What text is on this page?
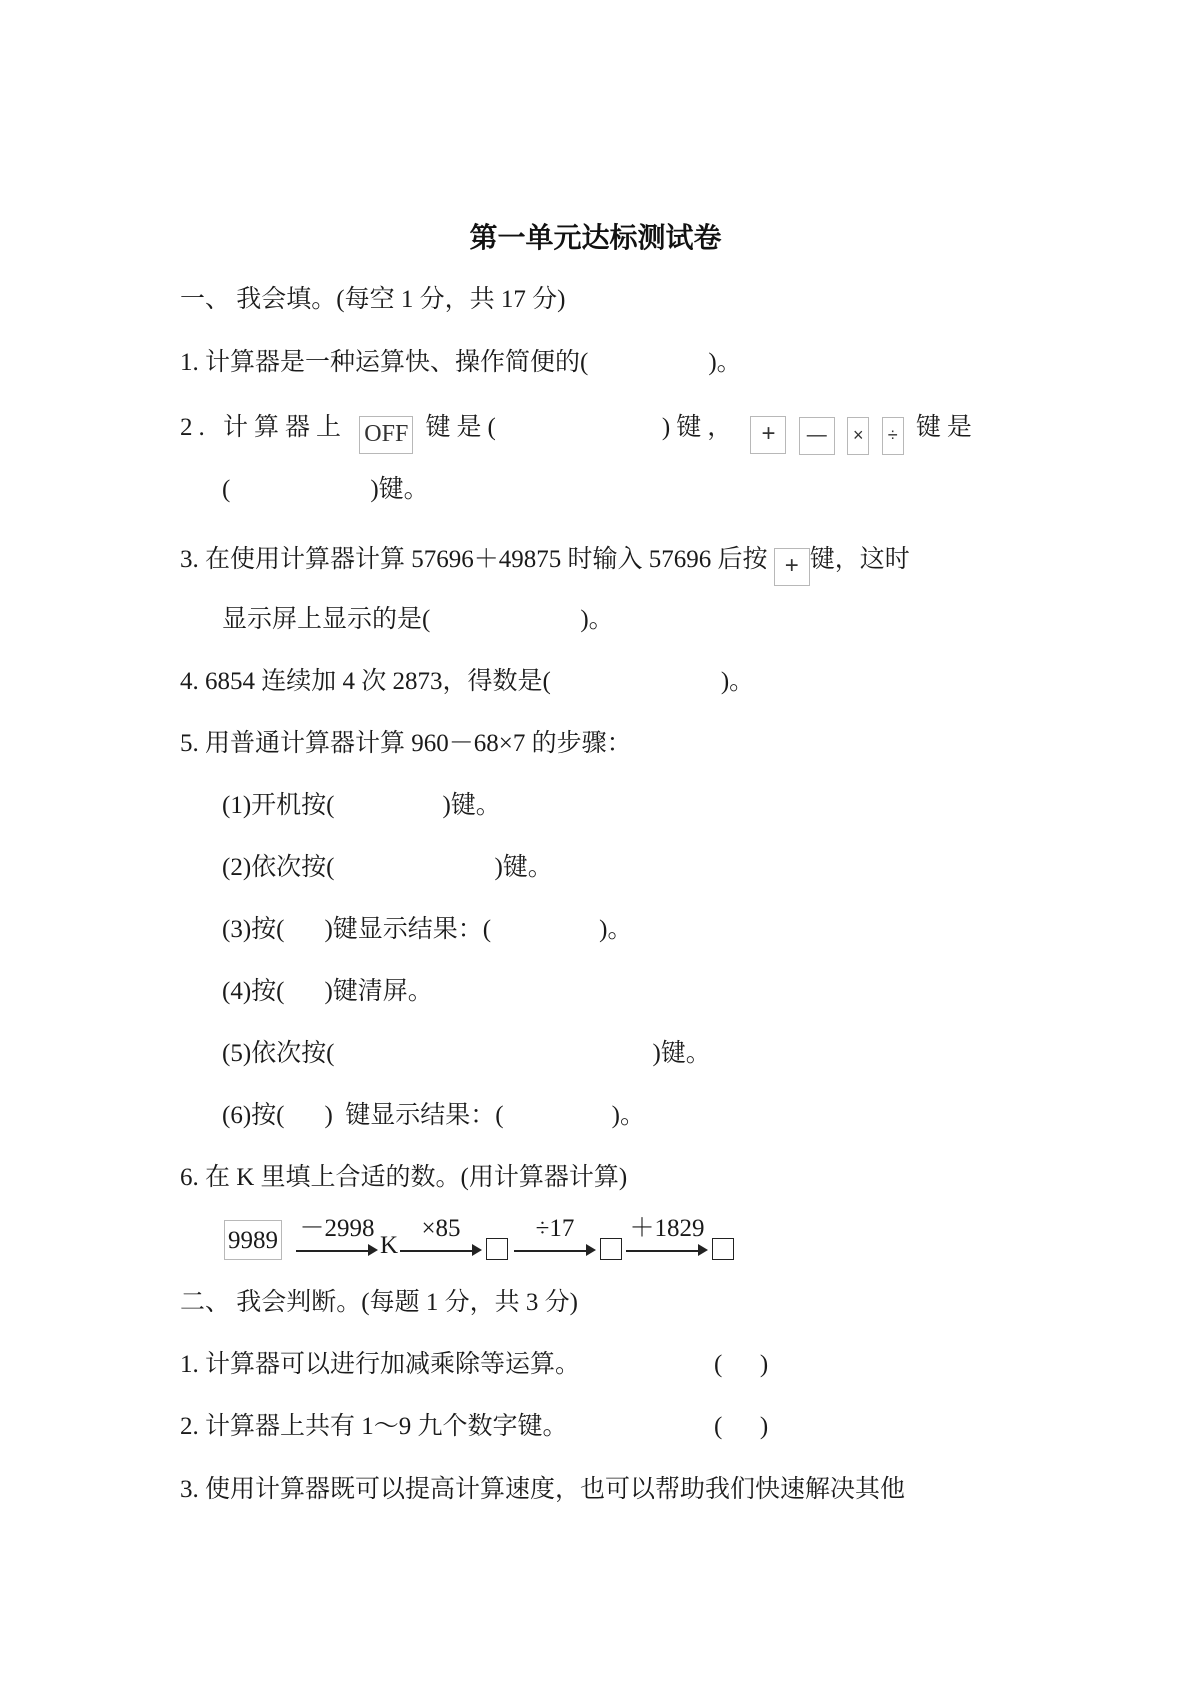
第一单元达标测试卷
一、 我会填。(每空 1 分，共 17 分)
1. 计算器是一种运算快、操作简便的(	)。
2. 计算器上 OFF 键是(	)键， + — × ÷ 键是
(	)键。
3. 在使用计算器计算 57696＋49875 时输入 57696 后按 + 键，这时
显示屏上显示的是(	)。
4. 6854 连续加 4 次 2873，得数是(	)。
5. 用普通计算器计算 960－68×7 的步骤：
(1)开机按(	)键。
(2)依次按(	)键。
(3)按( )键显示结果：(	)。
(4)按( )键清屏。
(5)依次按(	)键。
(6)按( )  键显示结果：(	)。
6. 在 K 里填上合适的数。(用计算器计算)
9989 －2998
K
×85	÷17	＋1829
二、 我会判断。(每题 1 分，共 3 分)
1. 计算器可以进行加减乘除等运算。	(      )
2. 计算器上共有 1～9 九个数字键。	(      )
3. 使用计算器既可以提高计算速度，也可以帮助我们快速解决其他
